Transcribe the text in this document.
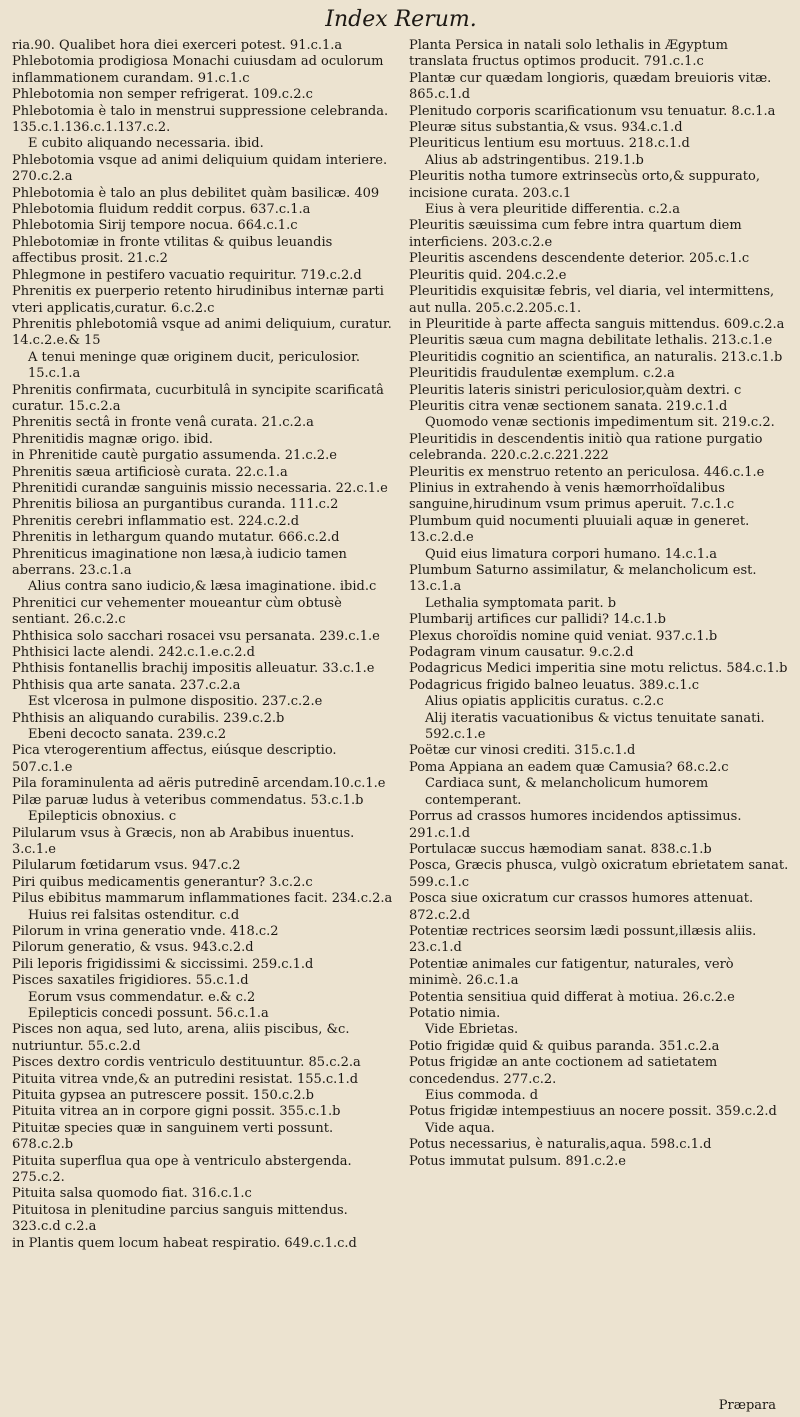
Index Rerum.

ria.90. Qualibet hora diei exerceri potest. 91.c.1.a

Phlebotomia prodigiosa Monachi cuiusdam ad oculorum inflammationem curandam. 91.c.1.c

Phlebotomia non semper refrigerat. 109.c.2.c

Phlebotomia è talo in menstrui suppressione celebranda. 135.c.1.136.c.1.137.c.2.

E cubito aliquando necessaria. ibid.

Phlebotomia vsque ad animi deliquium quidam interiere. 270.c.2.a

Phlebotomia è talo an plus debilitet quàm basilicæ. 409

Phlebotomia fluidum reddit corpus. 637.c.1.a

Phlebotomia Sirij tempore nocua. 664.c.1.c

Phlebotomiæ in fronte vtilitas & quibus leuandis affectibus prosit. 21.c.2

Phlegmone in pestifero vacuatio requiritur. 719.c.2.d

Phrenitis ex puerperio retento hirudinibus internæ parti vteri applicatis,curatur. 6.c.2.c

Phrenitis phlebotomiâ vsque ad animi deliquium, curatur. 14.c.2.e.& 15

A tenui meninge quæ originem ducit, periculosior. 15.c.1.a

Phrenitis confirmata, cucurbitulâ in syncipite scarificatâ curatur. 15.c.2.a

Phrenitis sectâ in fronte venâ curata. 21.c.2.a

Phrenitidis magnæ origo. ibid.

in Phrenitide cautè purgatio assumenda. 21.c.2.e

Phrenitis sæua artificiosè curata. 22.c.1.a

Phrenitidi curandæ sanguinis missio necessaria. 22.c.1.e

Phrenitis biliosa an purgantibus curanda. 111.c.2

Phrenitis cerebri inflammatio est. 224.c.2.d

Phrenitis in lethargum quando mutatur. 666.c.2.d

Phreniticus imaginatione non læsa,à iudicio tamen aberrans. 23.c.1.a

Alius contra sano iudicio,& læsa imaginatione. ibid.c

Phrenitici cur vehementer moueantur cùm obtusè sentiant. 26.c.2.c

Phthisica solo sacchari rosacei vsu persanata. 239.c.1.e

Phthisici lacte alendi. 242.c.1.e.c.2.d

Phthisis fontanellis brachij impositis alleuatur. 33.c.1.e

Phthisis qua arte sanata. 237.c.2.a

Est vlcerosa in pulmone dispositio. 237.c.2.e

Phthisis an aliquando curabilis. 239.c.2.b

Ebeni decocto sanata. 239.c.2

Pica vterogerentium affectus, eiúsque descriptio. 507.c.1.e

Pila foraminulenta ad aëris putredinē arcendam.10.c.1.e

Pilæ paruæ ludus à veteribus commendatus. 53.c.1.b

Epilepticis obnoxius. c

Pilularum vsus à Græcis, non ab Arabibus inuentus. 3.c.1.e

Pilularum fœtidarum vsus. 947.c.2

Piri quibus medicamentis generantur? 3.c.2.c

Pilus ebibitus mammarum inflammationes facit. 234.c.2.a

Huius rei falsitas ostenditur. c.d

Pilorum in vrina generatio vnde. 418.c.2

Pilorum generatio, & vsus. 943.c.2.d

Pili leporis frigidissimi & siccissimi. 259.c.1.d

Pisces saxatiles frigidiores. 55.c.1.d

Eorum vsus commendatur. e.& c.2

Epilepticis concedi possunt. 56.c.1.a

Pisces non aqua, sed luto, arena, aliis piscibus, &c. nutriuntur. 55.c.2.d

Pisces dextro cordis ventriculo destituuntur. 85.c.2.a

Pituita vitrea vnde,& an putredini resistat. 155.c.1.d

Pituita gypsea an putrescere possit. 150.c.2.b

Pituita vitrea an in corpore gigni possit. 355.c.1.b

Pituitæ species quæ in sanguinem verti possunt. 678.c.2.b

Pituita superflua qua ope à ventriculo abstergenda. 275.c.2.

Pituita salsa quomodo fiat. 316.c.1.c

Pituitosa in plenitudine parcius sanguis mittendus. 323.c.d c.2.a

in Plantis quem locum habeat respiratio. 649.c.1.c.d

Planta Persica in natali solo lethalis in Ægyptum translata fructus optimos producit. 791.c.1.c

Plantæ cur quædam longioris, quædam breuioris vitæ. 865.c.1.d

Plenitudo corporis scarificationum vsu tenuatur. 8.c.1.a

Pleuræ situs substantia,& vsus. 934.c.1.d

Pleuriticus lentium esu mortuus. 218.c.1.d

Alius ab adstringentibus. 219.1.b

Pleuritis notha tumore extrinsecùs orto,& suppurato, incisione curata. 203.c.1

Eius à vera pleuritide differentia. c.2.a

Pleuritis sæuissima cum febre intra quartum diem interficiens. 203.c.2.e

Pleuritis ascendens descendente deterior. 205.c.1.c

Pleuritis quid. 204.c.2.e

Pleuritidis exquisitæ febris, vel diaria, vel intermittens, aut nulla. 205.c.2.205.c.1.

in Pleuritide à parte affecta sanguis mittendus. 609.c.2.a

Pleuritis sæua cum magna debilitate lethalis. 213.c.1.e

Pleuritidis cognitio an scientifica, an naturalis. 213.c.1.b

Pleuritidis fraudulentæ exemplum. c.2.a

Pleuritis lateris sinistri periculosior,quàm dextri. c

Pleuritis citra venæ sectionem sanata. 219.c.1.d

Quomodo venæ sectionis impedimentum sit. 219.c.2.

Pleuritidis in descendentis initiò qua ratione purgatio celebranda. 220.c.2.c.221.222

Pleuritis ex menstruo retento an periculosa. 446.c.1.e

Plinius in extrahendo à venis hæmorrhoïdalibus sanguine,hirudinum vsum primus aperuit. 7.c.1.c

Plumbum quid nocumenti pluuiali aquæ in generet. 13.c.2.d.e

Quid eius limatura corpori humano. 14.c.1.a

Plumbum Saturno assimilatur, & melancholicum est. 13.c.1.a

Lethalia symptomata parit. b

Plumbarij artifices cur pallidi? 14.c.1.b

Plexus choroïdis nomine quid veniat. 937.c.1.b

Podagram vinum causatur. 9.c.2.d

Podagricus Medici imperitia sine motu relictus. 584.c.1.b

Podagricus frigido balneo leuatus. 389.c.1.c

Alius opiatis applicitis curatus. c.2.c

Alij iteratis vacuationibus & victus tenuitate sanati. 592.c.1.e

Poëtæ cur vinosi crediti. 315.c.1.d

Poma Appiana an eadem quæ Camusia? 68.c.2.c

Cardiaca sunt, & melancholicum humorem contemperant.

Porrus ad crassos humores incidendos aptissimus. 291.c.1.d

Portulacæ succus hæmodiam sanat. 838.c.1.b

Posca, Græcis phusca, vulgò oxicratum ebrietatem sanat. 599.c.1.c

Posca siue oxicratum cur crassos humores attenuat. 872.c.2.d

Potentiæ rectrices seorsim lædi possunt,illæsis aliis. 23.c.1.d

Potentiæ animales cur fatigentur, naturales, verò minimè. 26.c.1.a

Potentia sensitiua quid differat à motiua. 26.c.2.e

Potatio nimia.

Vide Ebrietas.

Potio frigidæ quid & quibus paranda. 351.c.2.a

Potus frigidæ an ante coctionem ad satietatem concedendus. 277.c.2.

Eius commoda. d

Potus frigidæ intempestiuus an nocere possit. 359.c.2.d

Vide aqua.

Potus necessarius, è naturalis,aqua. 598.c.1.d

Potus immutat pulsum. 891.c.2.e

Præpara
